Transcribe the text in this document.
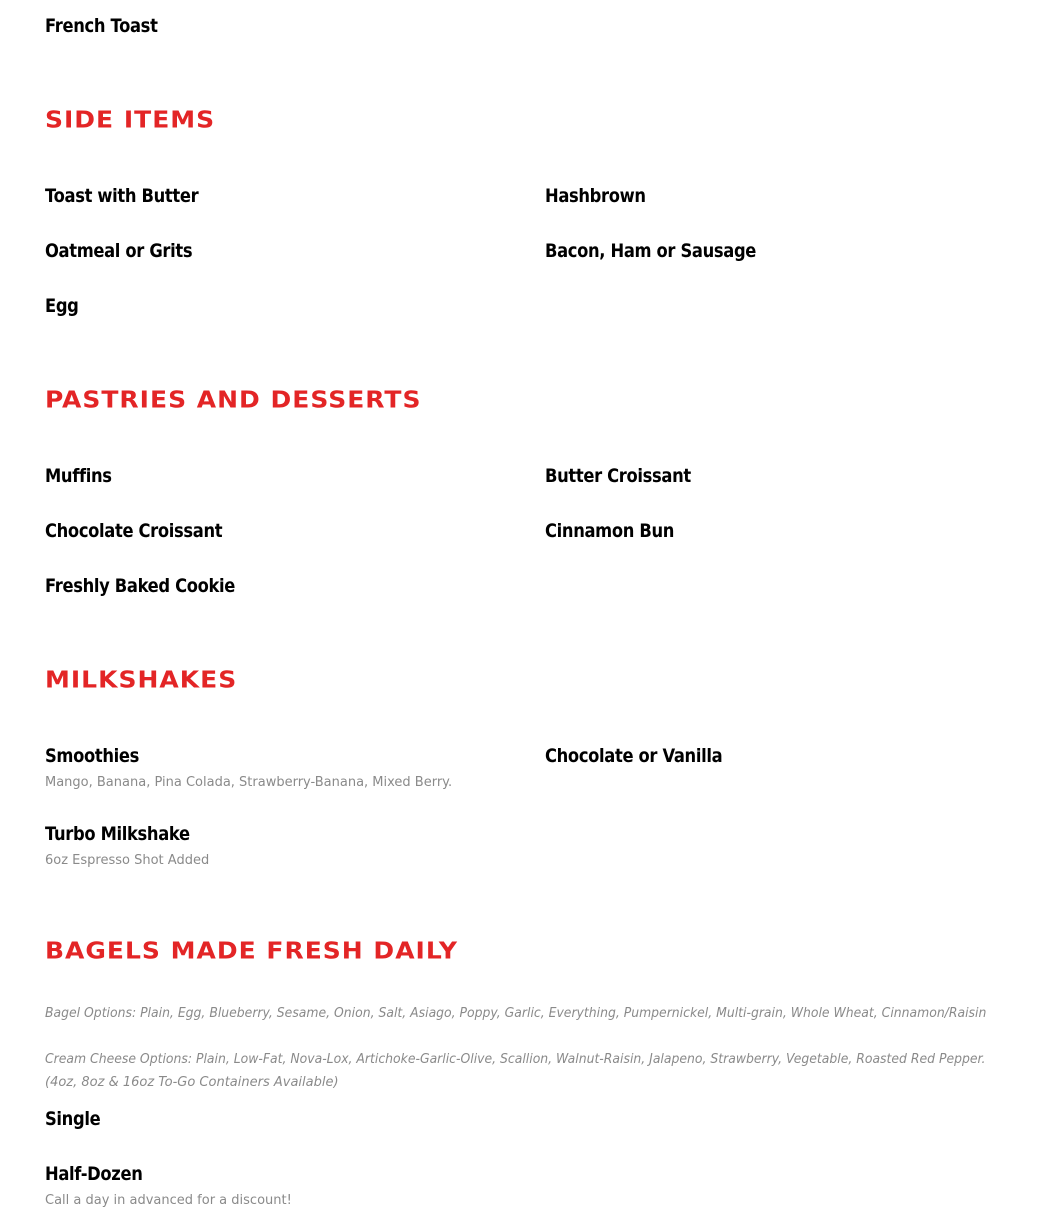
French Toast
SIDE ITEMS
Toast with Butter	Hashbrown
Oatmeal or Grits	Bacon, Ham or Sausage
Egg
PASTRIES AND DESSERTS
Muffins	Butter Croissant
Chocolate Croissant	Cinnamon Bun
Freshly Baked Cookie
MILKSHAKES
Smoothies
Mango, Banana, Pina Colada, Strawberry-Banana, Mixed Berry.
Chocolate or Vanilla
Turbo Milkshake
6oz Espresso Shot Added
BAGELS MADE FRESH DAILY
Bagel Options: Plain, Egg, Blueberry, Sesame, Onion, Salt, Asiago, Poppy, Garlic, Everything, Pumpernickel, Multi-grain, Whole Wheat, Cinnamon/Raisin
Cream Cheese Options: Plain, Low-Fat, Nova-Lox, Artichoke-Garlic-Olive, Scallion, Walnut-Raisin, Jalapeno, Strawberry, Vegetable, Roasted Red Pepper.
(4oz, 8oz & 16oz To-Go Containers Available)
Single
Half-Dozen
Call a day in advanced for a discount!
